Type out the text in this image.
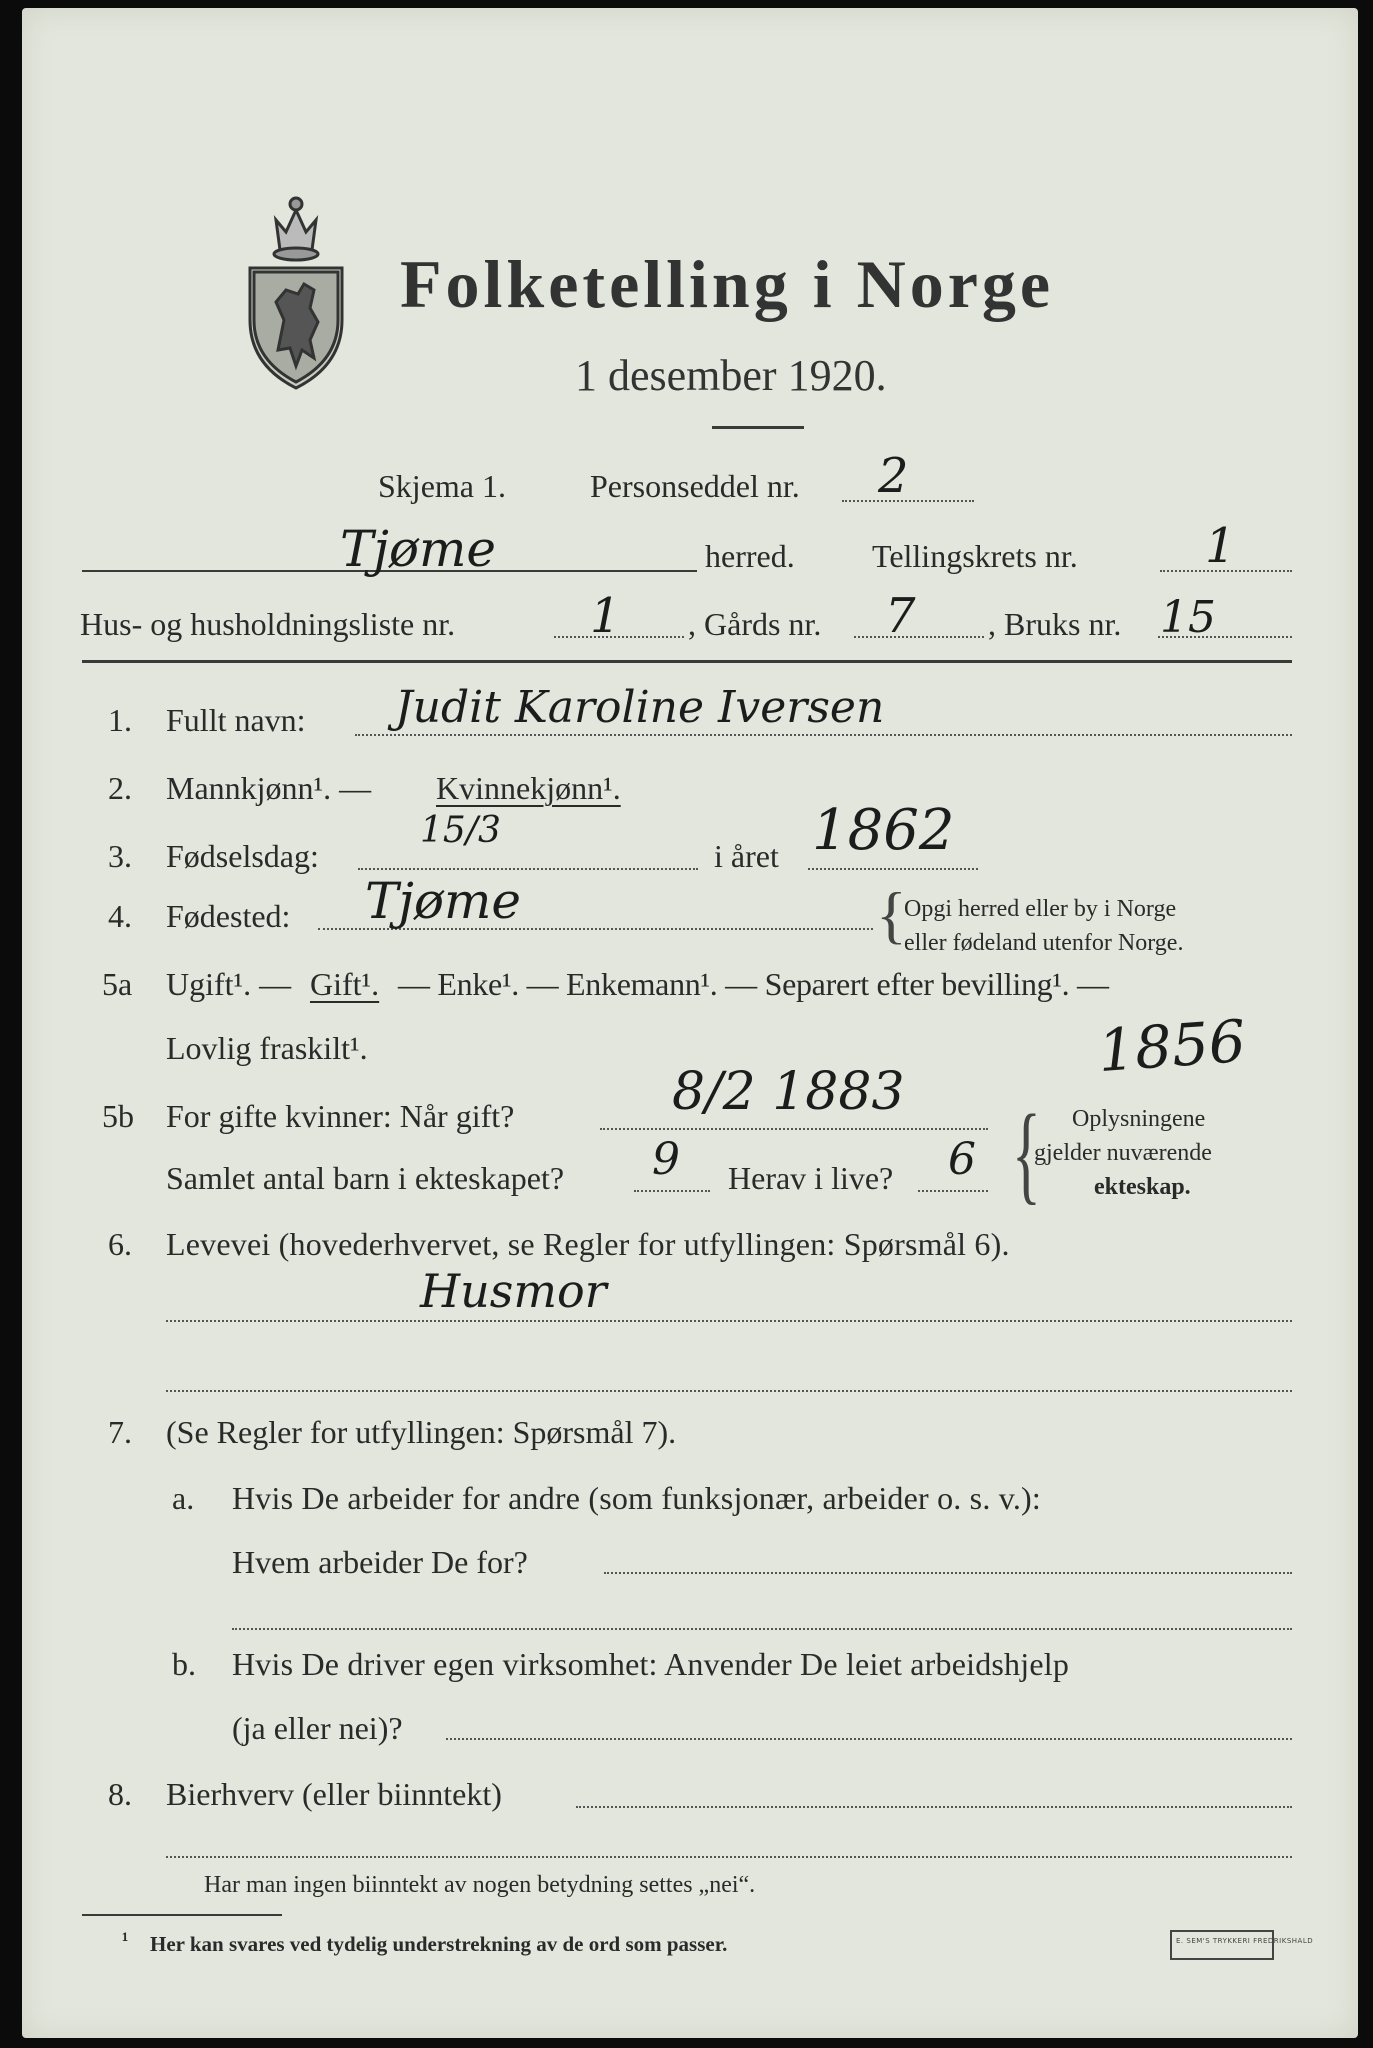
Folketelling i Norge
1 desember 1920.
Skjema 1.	Personseddel nr. 2
Tjøme	herred. Tellingskrets nr.	1
Hus- og husholdningsliste nr.	1 , Gårds nr. 7 , Bruks nr. 15
1. Fullt navn: Judit Karoline Iversen
2. Mannkjønn¹. — Kvinnekjønn¹.
3. Fødselsdag:
15/3
i året 1862
4. Fødested: Tjøme	{
Opgi herred eller by i Norge
eller fødeland utenfor Norge.
5a Ugift¹. — Gift¹. — Enke¹. — Enkemann¹. — Separert efter bevilling¹. —
Lovlig fraskilt¹.	1856
5b For gifte kvinner: Når gift?	8/2 1883
Samlet antal barn i ekteskapet? 9 Herav i live? 6 { Oplysningene
gjelder nuværende
ekteskap.
6. Levevei (hovederhvervet, se Regler for utfyllingen: Spørsmål 6).
Husmor
7. (Se Regler for utfyllingen: Spørsmål 7).
a. Hvis De arbeider for andre (som funksjonær, arbeider o. s. v.):
Hvem arbeider De for?
b. Hvis De driver egen virksomhet: Anvender De leiet arbeidshjelp
(ja eller nei)?
8. Bierhverv (eller biinntekt)
Har man ingen biinntekt av nogen betydning settes „nei“.
¹ Her kan svares ved tydelig understrekning av de ord som passer.	E. SEM'S TRYKKERI FREDRIKSHALD
